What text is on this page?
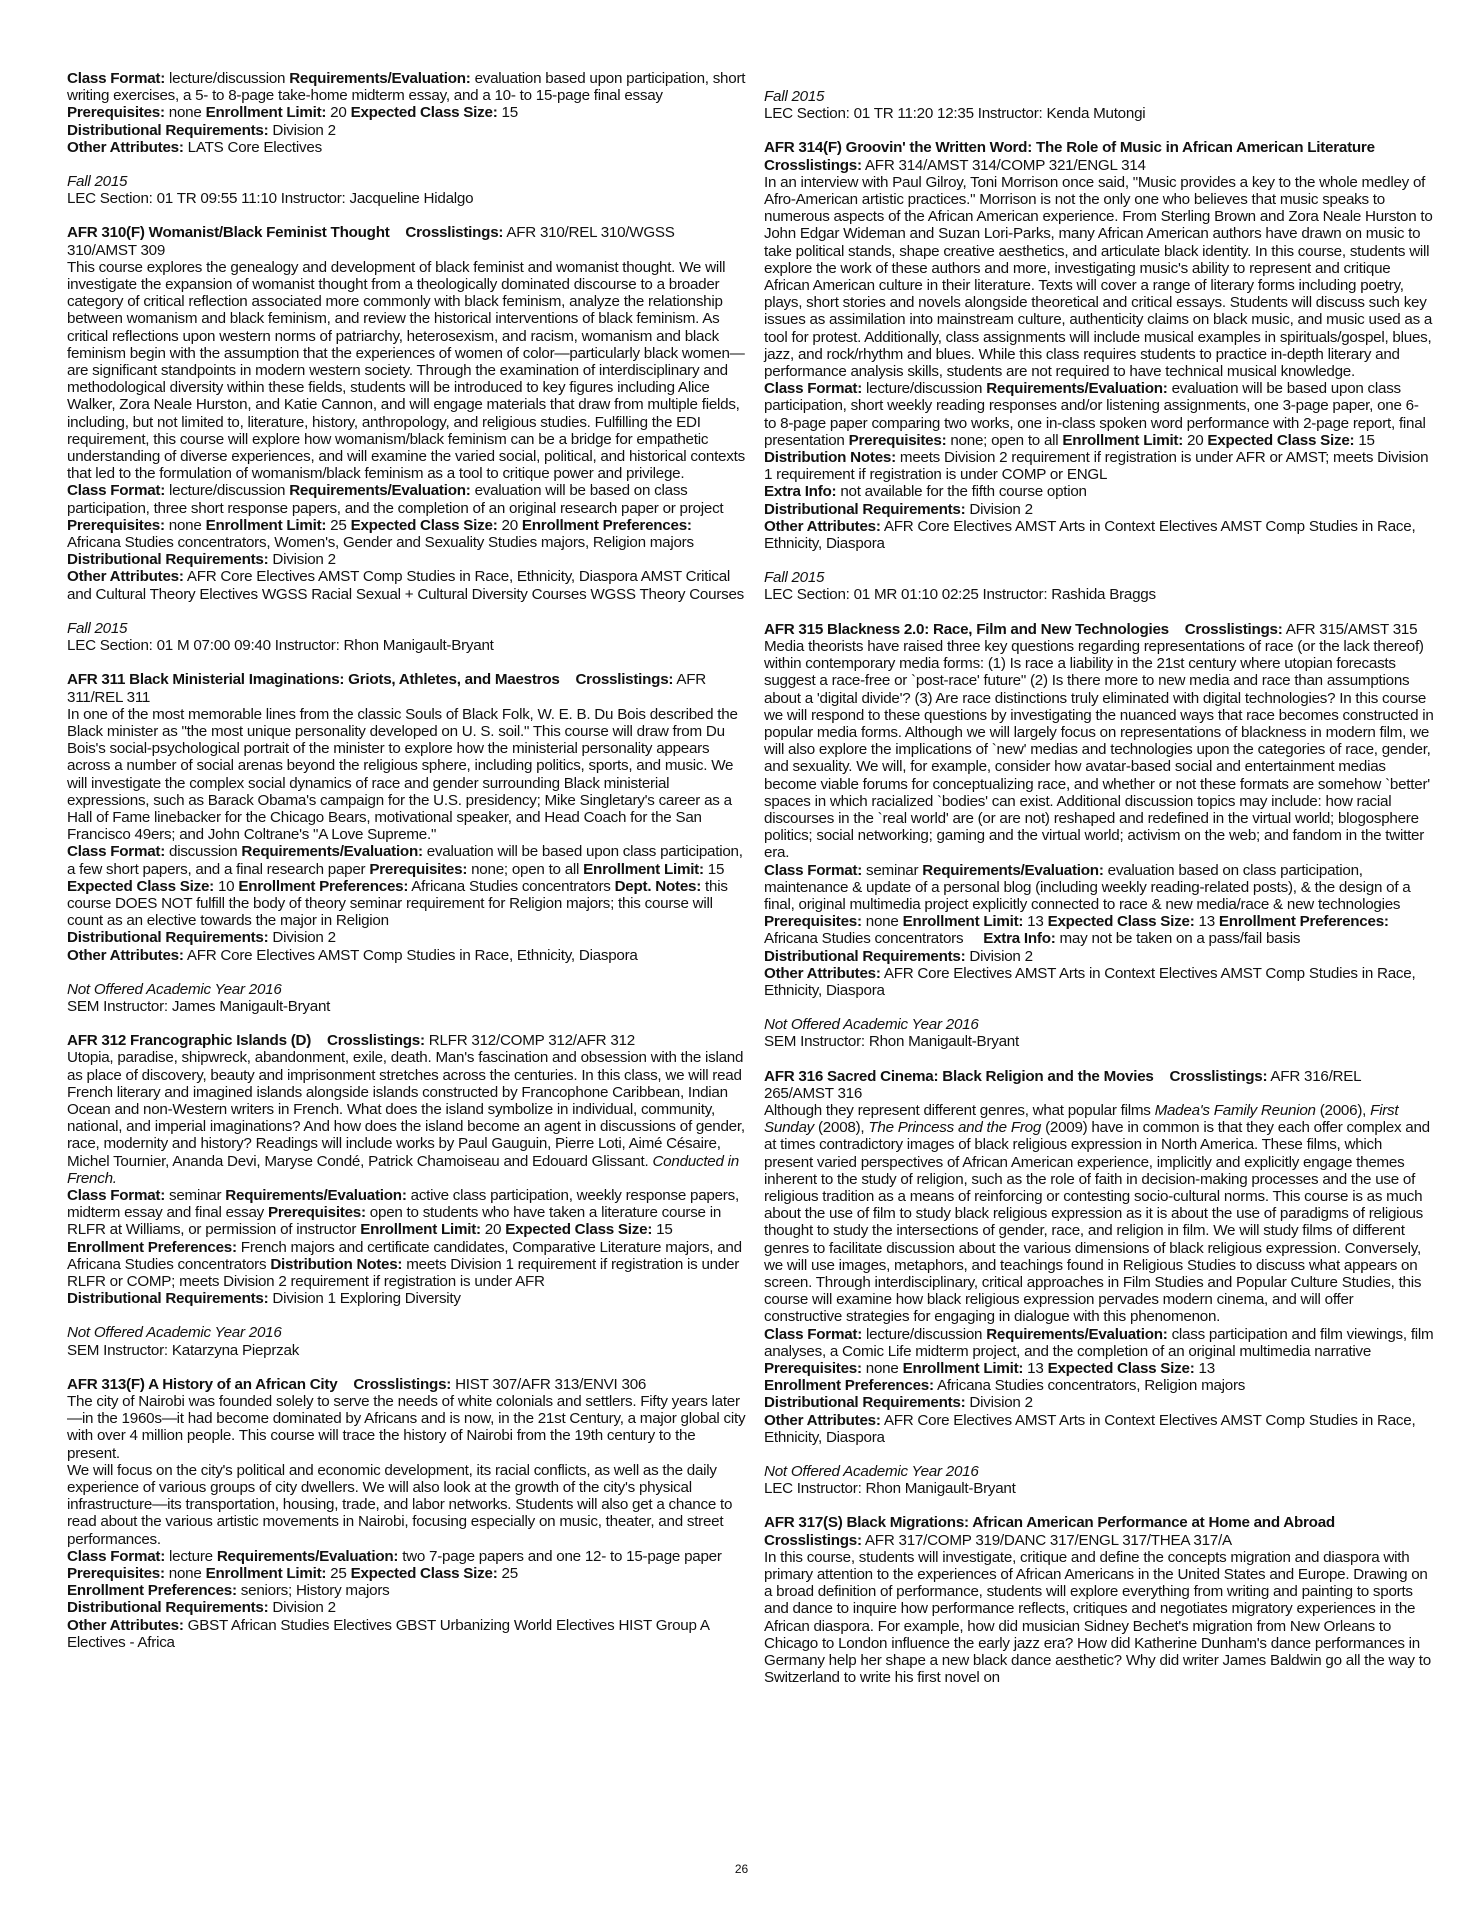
Class Format: lecture/discussion Requirements/Evaluation: evaluation based upon participation, short writing exercises, a 5- to 8-page take-home midterm essay, and a 10- to 15-page final essay Prerequisites: none Enrollment Limit: 20 Expected Class Size: 15
Distributional Requirements: Division 2
Other Attributes: LATS Core Electives

Fall 2015
LEC Section: 01 TR 09:55 11:10 Instructor: Jacqueline Hidalgo

AFR 310(F) Womanist/Black Feminist Thought Crosslistings: AFR 310/REL 310/WGSS 310/AMST 309

This course explores the genealogy and development of black feminist and womanist thought. We will investigate the expansion of womanist thought from a theologically dominated discourse to a broader category of critical reflection associated more commonly with black feminism, analyze the relationship between womanism and black feminism, and review the historical interventions of black feminism. As critical reflections upon western norms of patriarchy, heterosexism, and racism, womanism and black feminism begin with the assumption that the experiences of women of color—particularly black women—are significant standpoints in modern western society. Through the examination of interdisciplinary and methodological diversity within these fields, students will be introduced to key figures including Alice Walker, Zora Neale Hurston, and Katie Cannon, and will engage materials that draw from multiple fields, including, but not limited to, literature, history, anthropology, and religious studies. Fulfilling the EDI requirement, this course will explore how womanism/black feminism can be a bridge for empathetic understanding of diverse experiences, and will examine the varied social, political, and historical contexts that led to the formulation of womanism/black feminism as a tool to critique power and privilege.

Class Format: lecture/discussion Requirements/Evaluation: evaluation will be based on class participation, three short response papers, and the completion of an original research paper or project Prerequisites: none Enrollment Limit: 25 Expected Class Size: 20 Enrollment Preferences: Africana Studies concentrators, Women's, Gender and Sexuality Studies majors, Religion majors
Distributional Requirements: Division 2
Other Attributes: AFR Core Electives AMST Comp Studies in Race, Ethnicity, Diaspora AMST Critical and Cultural Theory Electives WGSS Racial Sexual + Cultural Diversity Courses WGSS Theory Courses

Fall 2015
LEC Section: 01 M 07:00 09:40 Instructor: Rhon Manigault-Bryant

AFR 311 Black Ministerial Imaginations: Griots, Athletes, and Maestros Crosslistings: AFR 311/REL 311

In one of the most memorable lines from the classic Souls of Black Folk, W. E. B. Du Bois described the Black minister as "the most unique personality developed on U. S. soil." This course will draw from Du Bois's social-psychological portrait of the minister to explore how the ministerial personality appears across a number of social arenas beyond the religious sphere, including politics, sports, and music. We will investigate the complex social dynamics of race and gender surrounding Black ministerial expressions, such as Barack Obama's campaign for the U.S. presidency; Mike Singletary's career as a Hall of Fame linebacker for the Chicago Bears, motivational speaker, and Head Coach for the San Francisco 49ers; and John Coltrane's "A Love Supreme."

Class Format: discussion Requirements/Evaluation: evaluation will be based upon class participation, a few short papers, and a final research paper Prerequisites: none; open to all Enrollment Limit: 15 Expected Class Size: 10 Enrollment Preferences: Africana Studies concentrators Dept. Notes: this course DOES NOT fulfill the body of theory seminar requirement for Religion majors; this course will count as an elective towards the major in Religion
Distributional Requirements: Division 2
Other Attributes: AFR Core Electives AMST Comp Studies in Race, Ethnicity, Diaspora

Not Offered Academic Year 2016
SEM Instructor: James Manigault-Bryant

AFR 312 Francographic Islands (D) Crosslistings: RLFR 312/COMP 312/AFR 312

Utopia, paradise, shipwreck, abandonment, exile, death. Man's fascination and obsession with the island as place of discovery, beauty and imprisonment stretches across the centuries. In this class, we will read French literary and imagined islands alongside islands constructed by Francophone Caribbean, Indian Ocean and non-Western writers in French. What does the island symbolize in individual, community, national, and imperial imaginations? And how does the island become an agent in discussions of gender, race, modernity and history? Readings will include works by Paul Gauguin, Pierre Loti, Aimé Césaire, Michel Tournier, Ananda Devi, Maryse Condé, Patrick Chamoiseau and Edouard Glissant. Conducted in French.

Class Format: seminar Requirements/Evaluation: active class participation, weekly response papers, midterm essay and final essay Prerequisites: open to students who have taken a literature course in RLFR at Williams, or permission of instructor Enrollment Limit: 20 Expected Class Size: 15 Enrollment Preferences: French majors and certificate candidates, Comparative Literature majors, and Africana Studies concentrators Distribution Notes: meets Division 1 requirement if registration is under RLFR or COMP; meets Division 2 requirement if registration is under AFR
Distributional Requirements: Division 1 Exploring Diversity

Not Offered Academic Year 2016
SEM Instructor: Katarzyna Pieprzak

AFR 313(F) A History of an African City Crosslistings: HIST 307/AFR 313/ENVI 306

The city of Nairobi was founded solely to serve the needs of white colonials and settlers. Fifty years later—in the 1960s—it had become dominated by Africans and is now, in the 21st Century, a major global city with over 4 million people. This course will trace the history of Nairobi from the 19th century to the present.

We will focus on the city's political and economic development, its racial conflicts, as well as the daily experience of various groups of city dwellers. We will also look at the growth of the city's physical infrastructure—its transportation, housing, trade, and labor networks. Students will also get a chance to read about the various artistic movements in Nairobi, focusing especially on music, theater, and street performances.

Class Format: lecture Requirements/Evaluation: two 7-page papers and one 12- to 15-page paper Prerequisites: none Enrollment Limit: 25 Expected Class Size: 25
Enrollment Preferences: seniors; History majors
Distributional Requirements: Division 2
Other Attributes: GBST African Studies Electives GBST Urbanizing World Electives HIST Group A Electives - Africa

Fall 2015
LEC Section: 01 TR 11:20 12:35 Instructor: Kenda Mutongi

AFR 314(F) Groovin' the Written Word: The Role of Music in African American Literature
Crosslistings: AFR 314/AMST 314/COMP 321/ENGL 314

In an interview with Paul Gilroy, Toni Morrison once said, "Music provides a key to the whole medley of Afro-American artistic practices." Morrison is not the only one who believes that music speaks to numerous aspects of the African American experience. From Sterling Brown and Zora Neale Hurston to John Edgar Wideman and Suzan Lori-Parks, many African American authors have drawn on music to take political stands, shape creative aesthetics, and articulate black identity. In this course, students will explore the work of these authors and more, investigating music's ability to represent and critique African American culture in their literature. Texts will cover a range of literary forms including poetry, plays, short stories and novels alongside theoretical and critical essays. Students will discuss such key issues as assimilation into mainstream culture, authenticity claims on black music, and music used as a tool for protest. Additionally, class assignments will include musical examples in spirituals/gospel, blues, jazz, and rock/rhythm and blues. While this class requires students to practice in-depth literary and performance analysis skills, students are not required to have technical musical knowledge.

Class Format: lecture/discussion Requirements/Evaluation: evaluation will be based upon class participation, short weekly reading responses and/or listening assignments, one 3-page paper, one 6- to 8-page paper comparing two works, one in-class spoken word performance with 2-page report, final presentation Prerequisites: none; open to all Enrollment Limit: 20 Expected Class Size: 15 Distribution Notes: meets Division 2 requirement if registration is under AFR or AMST; meets Division 1 requirement if registration is under COMP or ENGL
Extra Info: not available for the fifth course option
Distributional Requirements: Division 2
Other Attributes: AFR Core Electives AMST Arts in Context Electives AMST Comp Studies in Race, Ethnicity, Diaspora

Fall 2015
LEC Section: 01 MR 01:10 02:25 Instructor: Rashida Braggs

AFR 315 Blackness 2.0: Race, Film and New Technologies Crosslistings: AFR 315/AMST 315

Media theorists have raised three key questions regarding representations of race (or the lack thereof) within contemporary media forms: (1) Is race a liability in the 21st century where utopian forecasts suggest a race-free or `post-race' future" (2) Is there more to new media and race than assumptions about a 'digital divide'? (3) Are race distinctions truly eliminated with digital technologies? In this course we will respond to these questions by investigating the nuanced ways that race becomes constructed in popular media forms. Although we will largely focus on representations of blackness in modern film, we will also explore the implications of `new' medias and technologies upon the categories of race, gender, and sexuality. We will, for example, consider how avatar-based social and entertainment medias become viable forums for conceptualizing race, and whether or not these formats are somehow `better' spaces in which racialized `bodies' can exist. Additional discussion topics may include: how racial discourses in the `real world' are (or are not) reshaped and redefined in the virtual world; blogosphere politics; social networking; gaming and the virtual world; activism on the web; and fandom in the twitter era.

Class Format: seminar Requirements/Evaluation: evaluation based on class participation, maintenance & update of a personal blog (including weekly reading-related posts), & the design of a final, original multimedia project explicitly connected to race & new media/race & new technologies Prerequisites: none Enrollment Limit: 13 Expected Class Size: 13 Enrollment Preferences: Africana Studies concentrators Extra Info: may not be taken on a pass/fail basis
Distributional Requirements: Division 2
Other Attributes: AFR Core Electives AMST Arts in Context Electives AMST Comp Studies in Race, Ethnicity, Diaspora

Not Offered Academic Year 2016
SEM Instructor: Rhon Manigault-Bryant

AFR 316 Sacred Cinema: Black Religion and the Movies Crosslistings: AFR 316/REL 265/AMST 316

Although they represent different genres, what popular films Madea's Family Reunion (2006), First Sunday (2008), The Princess and the Frog (2009) have in common is that they each offer complex and at times contradictory images of black religious expression in North America. These films, which present varied perspectives of African American experience, implicitly and explicitly engage themes inherent to the study of religion, such as the role of faith in decision-making processes and the use of religious tradition as a means of reinforcing or contesting socio-cultural norms. This course is as much about the use of film to study black religious expression as it is about the use of paradigms of religious thought to study the intersections of gender, race, and religion in film. We will study films of different genres to facilitate discussion about the various dimensions of black religious expression. Conversely, we will use images, metaphors, and teachings found in Religious Studies to discuss what appears on screen. Through interdisciplinary, critical approaches in Film Studies and Popular Culture Studies, this course will examine how black religious expression pervades modern cinema, and will offer constructive strategies for engaging in dialogue with this phenomenon.

Class Format: lecture/discussion Requirements/Evaluation: class participation and film viewings, film analyses, a Comic Life midterm project, and the completion of an original multimedia narrative Prerequisites: none Enrollment Limit: 13 Expected Class Size: 13
Enrollment Preferences: Africana Studies concentrators, Religion majors
Distributional Requirements: Division 2
Other Attributes: AFR Core Electives AMST Arts in Context Electives AMST Comp Studies in Race, Ethnicity, Diaspora

Not Offered Academic Year 2016
LEC Instructor: Rhon Manigault-Bryant

AFR 317(S) Black Migrations: African American Performance at Home and Abroad
Crosslistings: AFR 317/COMP 319/DANC 317/ENGL 317/THEA 317/A

In this course, students will investigate, critique and define the concepts migration and diaspora with primary attention to the experiences of African Americans in the United States and Europe. Drawing on a broad definition of performance, students will explore everything from writing and painting to sports and dance to inquire how performance reflects, critiques and negotiates migratory experiences in the African diaspora. For example, how did musician Sidney Bechet's migration from New Orleans to Chicago to London influence the early jazz era? How did Katherine Dunham's dance performances in Germany help her shape a new black dance aesthetic? Why did writer James Baldwin go all the way to Switzerland to write his first novel on

26
